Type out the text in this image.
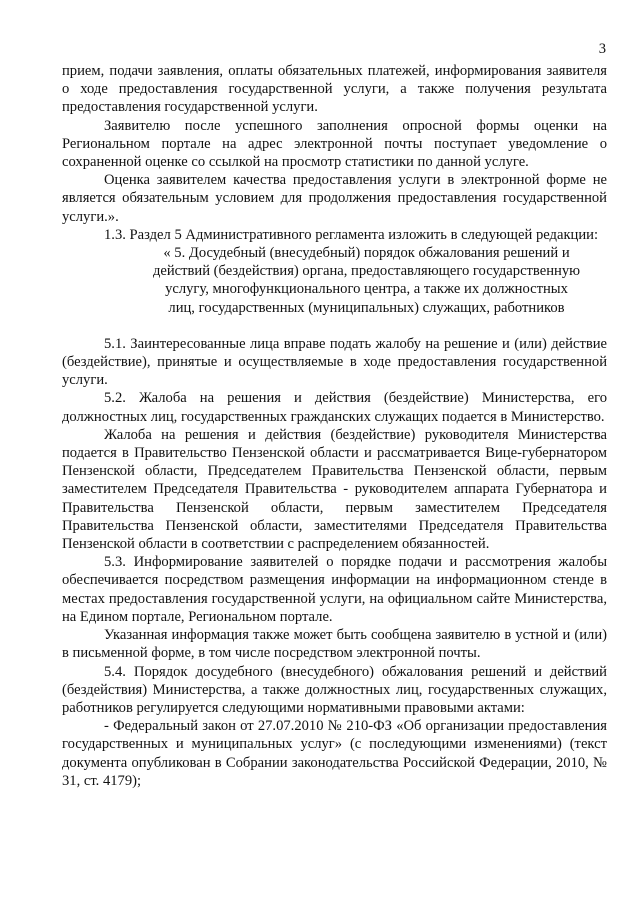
3

прием, подачи заявления, оплаты обязательных платежей, информирования заявителя о ходе предоставления государственной услуги, а также получения результата предоставления государственной услуги.

Заявителю после успешного заполнения опросной формы оценки на Региональном портале на адрес электронной почты поступает уведомление о сохраненной оценке со ссылкой на просмотр статистики по данной услуге.

Оценка заявителем качества предоставления услуги в электронной форме не является обязательным условием для продолжения предоставления государственной услуги.».

1.3. Раздел 5 Административного регламента изложить в следующей редакции:

« 5. Досудебный (внесудебный) порядок обжалования решений и действий (бездействия) органа, предоставляющего государственную услугу, многофункционального центра, а также их должностных лиц, государственных (муниципальных) служащих, работников

5.1. Заинтересованные лица вправе подать жалобу на решение и (или) действие (бездействие), принятые и осуществляемые в ходе предоставления государственной услуги.

5.2. Жалоба на решения и действия (бездействие) Министерства, его должностных лиц, государственных гражданских служащих подается в Министерство.

Жалоба на решения и действия (бездействие) руководителя Министерства подается в Правительство Пензенской области и рассматривается Вице-губернатором Пензенской области, Председателем Правительства Пензенской области, первым заместителем Председателя Правительства - руководителем аппарата Губернатора и Правительства Пензенской области, первым заместителем Председателя Правительства Пензенской области, заместителями Председателя Правительства Пензенской области в соответствии с распределением обязанностей.

5.3. Информирование заявителей о порядке подачи и рассмотрения жалобы обеспечивается посредством размещения информации на информационном стенде в местах предоставления государственной услуги, на официальном сайте Министерства, на Едином портале, Региональном портале.

Указанная информация также может быть сообщена заявителю в устной и (или) в письменной форме, в том числе посредством электронной почты.

5.4. Порядок досудебного (внесудебного) обжалования решений и действий (бездействия) Министерства, а также должностных лиц, государственных служащих, работников регулируется следующими нормативными правовыми актами:

- Федеральный закон от 27.07.2010 № 210-ФЗ «Об организации предоставления государственных и муниципальных услуг» (с последующими изменениями) (текст документа опубликован в Собрании законодательства Российской Федерации, 2010, № 31, ст. 4179);
